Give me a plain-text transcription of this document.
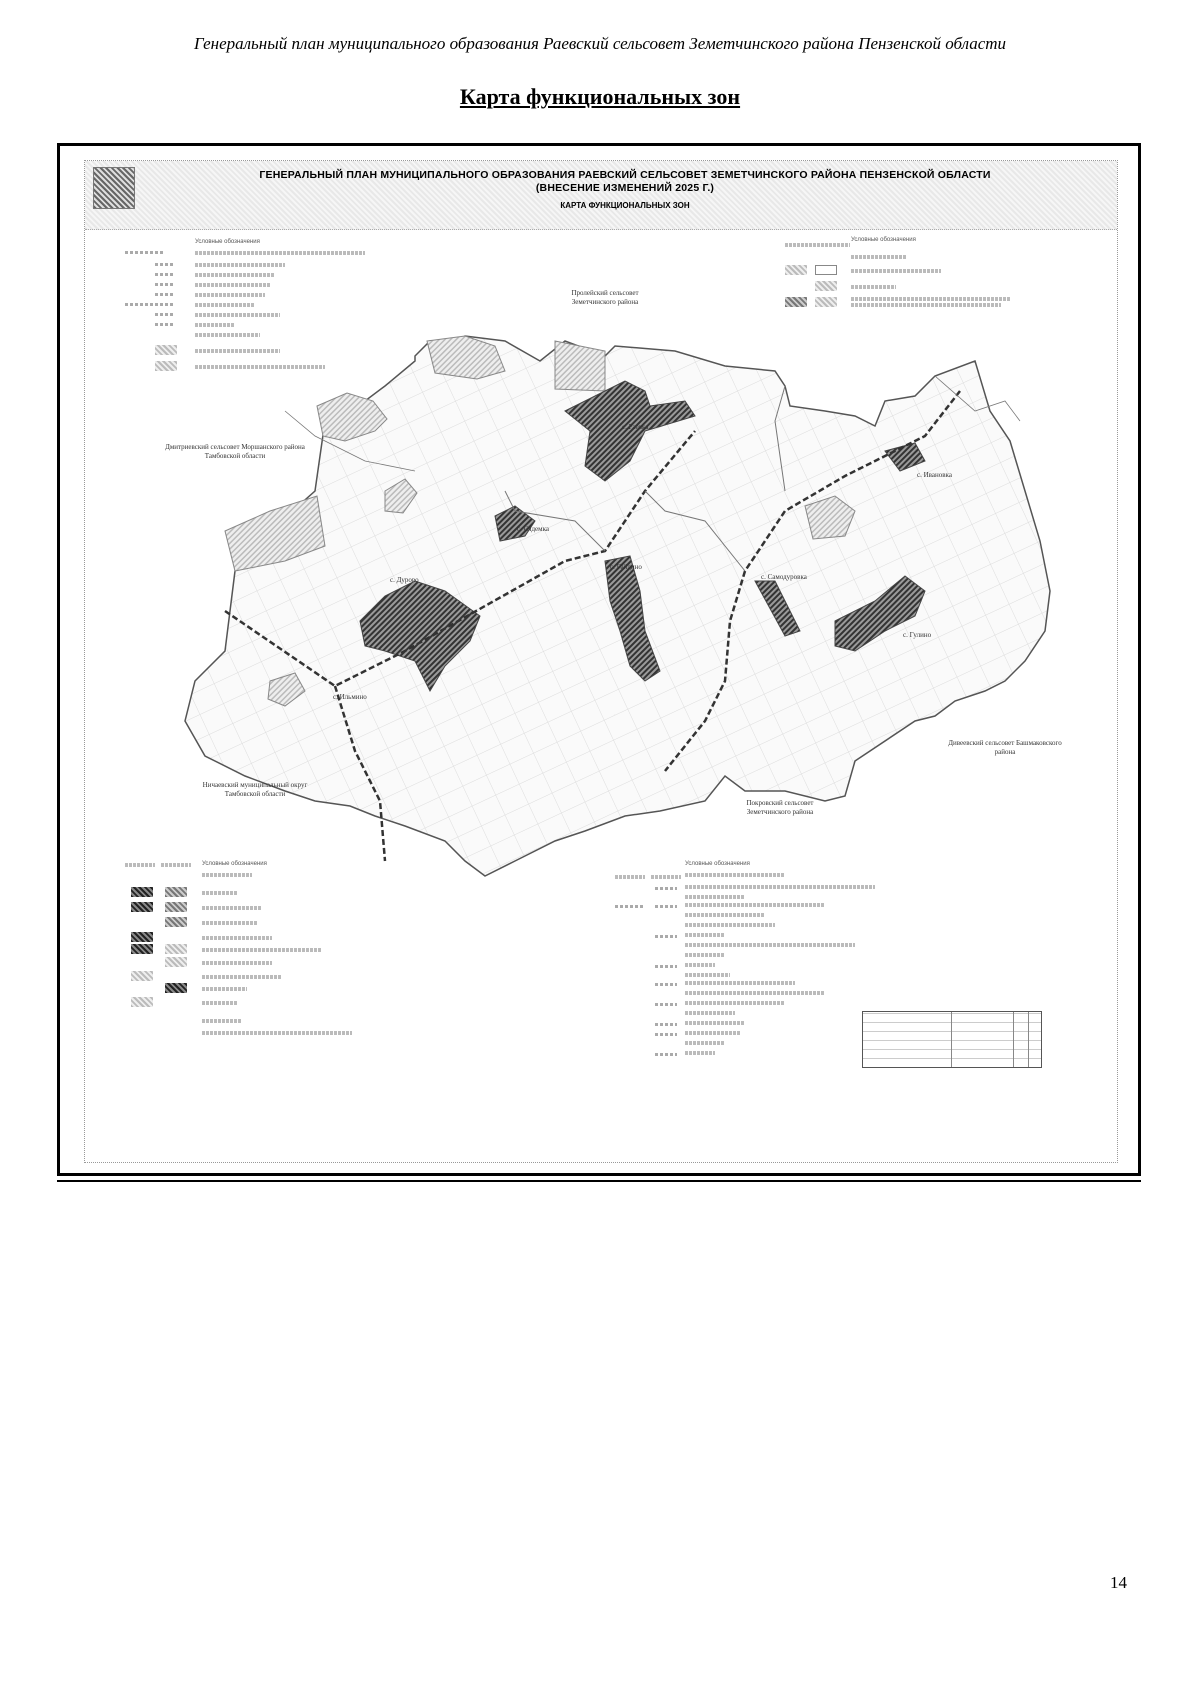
Генеральный план муниципального образования Раевский сельсовет Земетчинского района Пензенской области
Карта функциональных зон
ГЕНЕРАЛЬНЫЙ ПЛАН МУНИЦИПАЛЬНОГО ОБРАЗОВАНИЯ РАЕВСКИЙ СЕЛЬСОВЕТ ЗЕМЕТЧИНСКОГО РАЙОНА ПЕНЗЕНСКОЙ ОБЛАСТИ
(ВНЕСЕНИЕ ИЗМЕНЕНИЙ 2025 Г.)
КАРТА ФУНКЦИОНАЛЬНЫХ ЗОН
Условные обозначения	Условные обозначения
с. Раевка
с. Дурово
с. Гайдино
с. Сядемка
с. Ильмино
с. Самодуровка
с. Ивановка
с. Гулино
Пролейский сельсовет Земетчинского района
Дмитриевский сельсовет Моршанского района Тамбовской области
Ничаевский муниципальный округ Тамбовской области
Покровский сельсовет Земетчинского района
Дивеевский сельсовет Башмаковского района
Условные обозначения	Условные обозначения
14
